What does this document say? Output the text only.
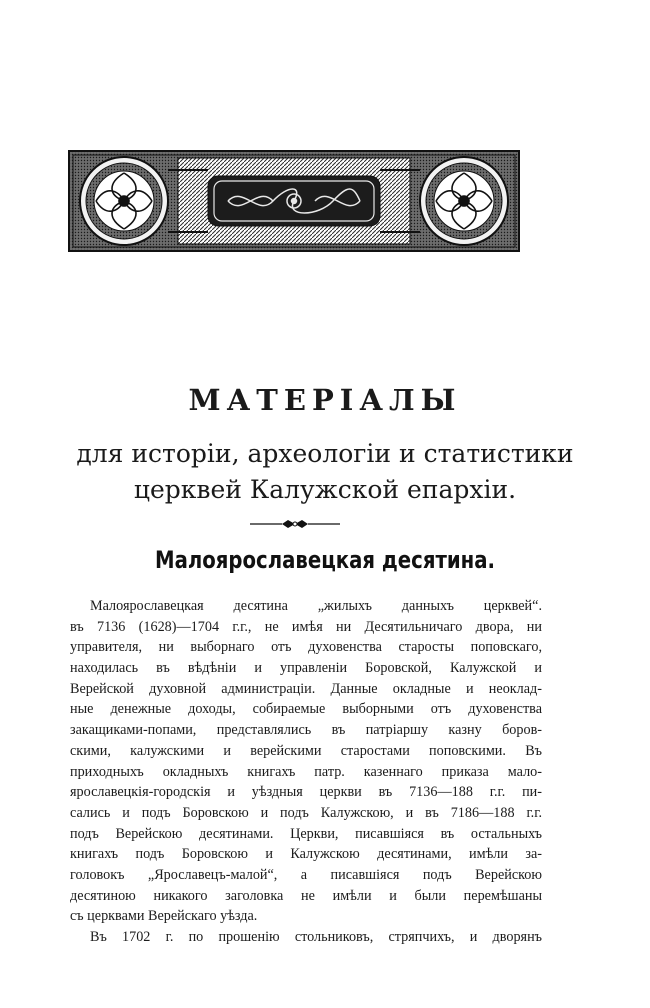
МАТЕРІАЛЫ
для исторіи, археологіи и статистики
церквей Калужской епархіи.
Малоярославецкая десятина.
Малоярославецкая десятина „жилыхъ данныхъ церквей“.
въ 7136 (1628)—1704 г.г., не имѣя ни Десятильничаго двора, ни
управителя, ни выборнаго отъ духовенства старосты поповскаго,
находилась въ вѣдѣніи и управленіи Боровской, Калужской и
Верейской духовной администраціи. Данные окладные и неоклад-
ные денежные доходы, собираемые выборными отъ духовенства
закащиками-попами, представлялись въ патріаршу казну боров-
скими, калужскими и верейскими старостами поповскими. Въ
приходныхъ окладныхъ книгахъ патр. казеннаго приказа мало-
ярославецкія-городскія и уѣздныя церкви въ 7136—188 г.г. пи-
сались и подъ Боровскою и подъ Калужскою, и въ 7186—188 г.г.
подъ Верейскою десятинами. Церкви, писавшіяся въ остальныхъ
книгахъ подъ Боровскою и Калужскою десятинами, имѣли за-
головокъ „Ярославецъ-малой“, а писавшіяся подъ Верейскою
десятиною никакого заголовка не имѣли и были перемѣшаны
съ церквами Верейскаго уѣзда.
Въ 1702 г. по прошенію стольниковъ, стряпчихъ, и дворянъ
